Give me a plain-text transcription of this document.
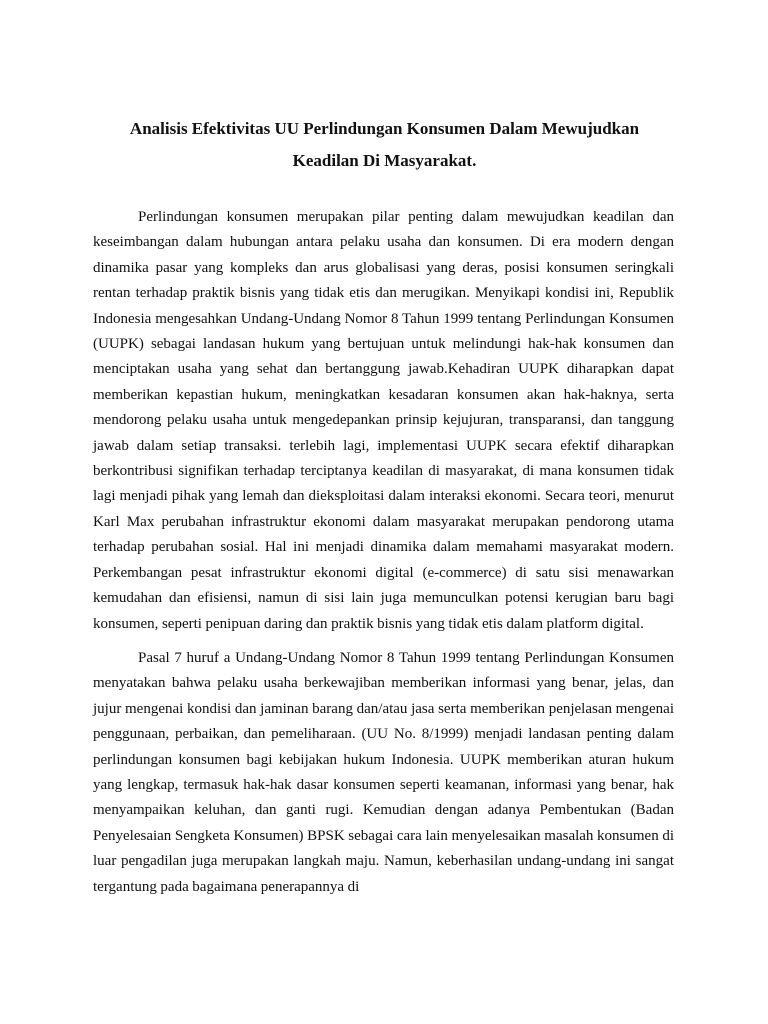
Analisis Efektivitas UU Perlindungan Konsumen Dalam Mewujudkan Keadilan Di Masyarakat.

Perlindungan konsumen merupakan pilar penting dalam mewujudkan keadilan dan keseimbangan dalam hubungan antara pelaku usaha dan konsumen. Di era modern dengan dinamika pasar yang kompleks dan arus globalisasi yang deras, posisi konsumen seringkali rentan terhadap praktik bisnis yang tidak etis dan merugikan. Menyikapi kondisi ini, Republik Indonesia mengesahkan Undang-Undang Nomor 8 Tahun 1999 tentang Perlindungan Konsumen (UUPK) sebagai landasan hukum yang bertujuan untuk melindungi hak-hak konsumen dan menciptakan usaha yang sehat dan bertanggung jawab.Kehadiran UUPK diharapkan dapat memberikan kepastian hukum, meningkatkan kesadaran konsumen akan hak-haknya, serta mendorong pelaku usaha untuk mengedepankan prinsip kejujuran, transparansi, dan tanggung jawab dalam setiap transaksi. terlebih lagi, implementasi UUPK secara efektif diharapkan berkontribusi signifikan terhadap terciptanya keadilan di masyarakat, di mana konsumen tidak lagi menjadi pihak yang lemah dan dieksploitasi dalam interaksi ekonomi. Secara teori, menurut Karl Max perubahan infrastruktur ekonomi dalam masyarakat merupakan pendorong utama terhadap perubahan sosial. Hal ini menjadi dinamika dalam memahami masyarakat modern. Perkembangan pesat infrastruktur ekonomi digital (e-commerce) di satu sisi menawarkan kemudahan dan efisiensi, namun di sisi lain juga memunculkan potensi kerugian baru bagi konsumen, seperti penipuan daring dan praktik bisnis yang tidak etis dalam platform digital.

Pasal 7 huruf a Undang-Undang Nomor 8 Tahun 1999 tentang Perlindungan Konsumen menyatakan bahwa pelaku usaha berkewajiban memberikan informasi yang benar, jelas, dan jujur mengenai kondisi dan jaminan barang dan/atau jasa serta memberikan penjelasan mengenai penggunaan, perbaikan, dan pemeliharaan. (UU No. 8/1999) menjadi landasan penting dalam perlindungan konsumen bagi kebijakan hukum Indonesia. UUPK memberikan aturan hukum yang lengkap, termasuk hak-hak dasar konsumen seperti keamanan, informasi yang benar, hak menyampaikan keluhan, dan ganti rugi. Kemudian dengan adanya Pembentukan (Badan Penyelesaian Sengketa Konsumen) BPSK sebagai cara lain menyelesaikan masalah konsumen di luar pengadilan juga merupakan langkah maju. Namun, keberhasilan undang-undang ini sangat tergantung pada bagaimana penerapannya di
